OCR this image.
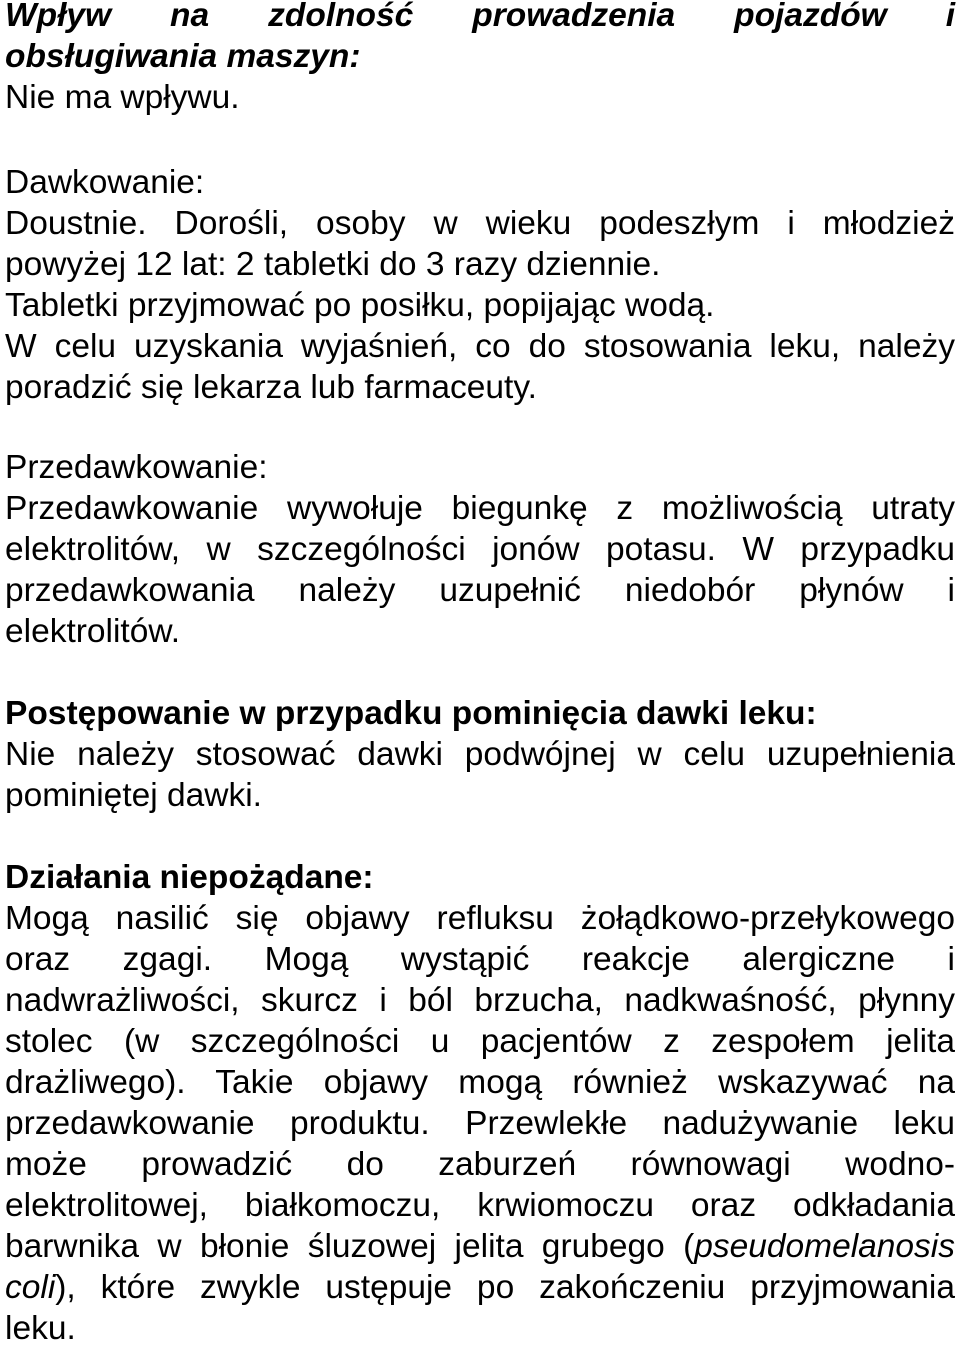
Wpływ na zdolność prowadzenia pojazdów i
obsługiwania maszyn:
Nie ma wpływu.
Dawkowanie:
Doustnie. Dorośli, osoby w wieku podeszłym i młodzież
powyżej 12 lat: 2 tabletki do 3 razy dziennie.
Tabletki przyjmować po posiłku, popijając wodą.
W celu uzyskania wyjaśnień, co do stosowania leku, należy
poradzić się lekarza lub farmaceuty.
Przedawkowanie:
Przedawkowanie wywołuje biegunkę z możliwością utraty
elektrolitów, w szczególności jonów potasu. W przypadku
przedawkowania należy uzupełnić niedobór płynów i
elektrolitów.
Postępowanie w przypadku pominięcia dawki leku:
Nie należy stosować dawki podwójnej w celu uzupełnienia
pominiętej dawki.
Działania niepożądane:
Mogą nasilić się objawy refluksu żołądkowo-przełykowego
oraz zgagi. Mogą wystąpić reakcje alergiczne i
nadwrażliwości, skurcz i ból brzucha, nadkwaśność, płynny
stolec (w szczególności u pacjentów z zespołem jelita
drażliwego). Takie objawy mogą również wskazywać na
przedawkowanie produktu. Przewlekłe nadużywanie leku
może prowadzić do zaburzeń równowagi wodno-
elektrolitowej, białkomoczu, krwiomoczu oraz odkładania
barwnika w błonie śluzowej jelita grubego (pseudomelanosis
coli), które zwykle ustępuje po zakończeniu przyjmowania
leku.
